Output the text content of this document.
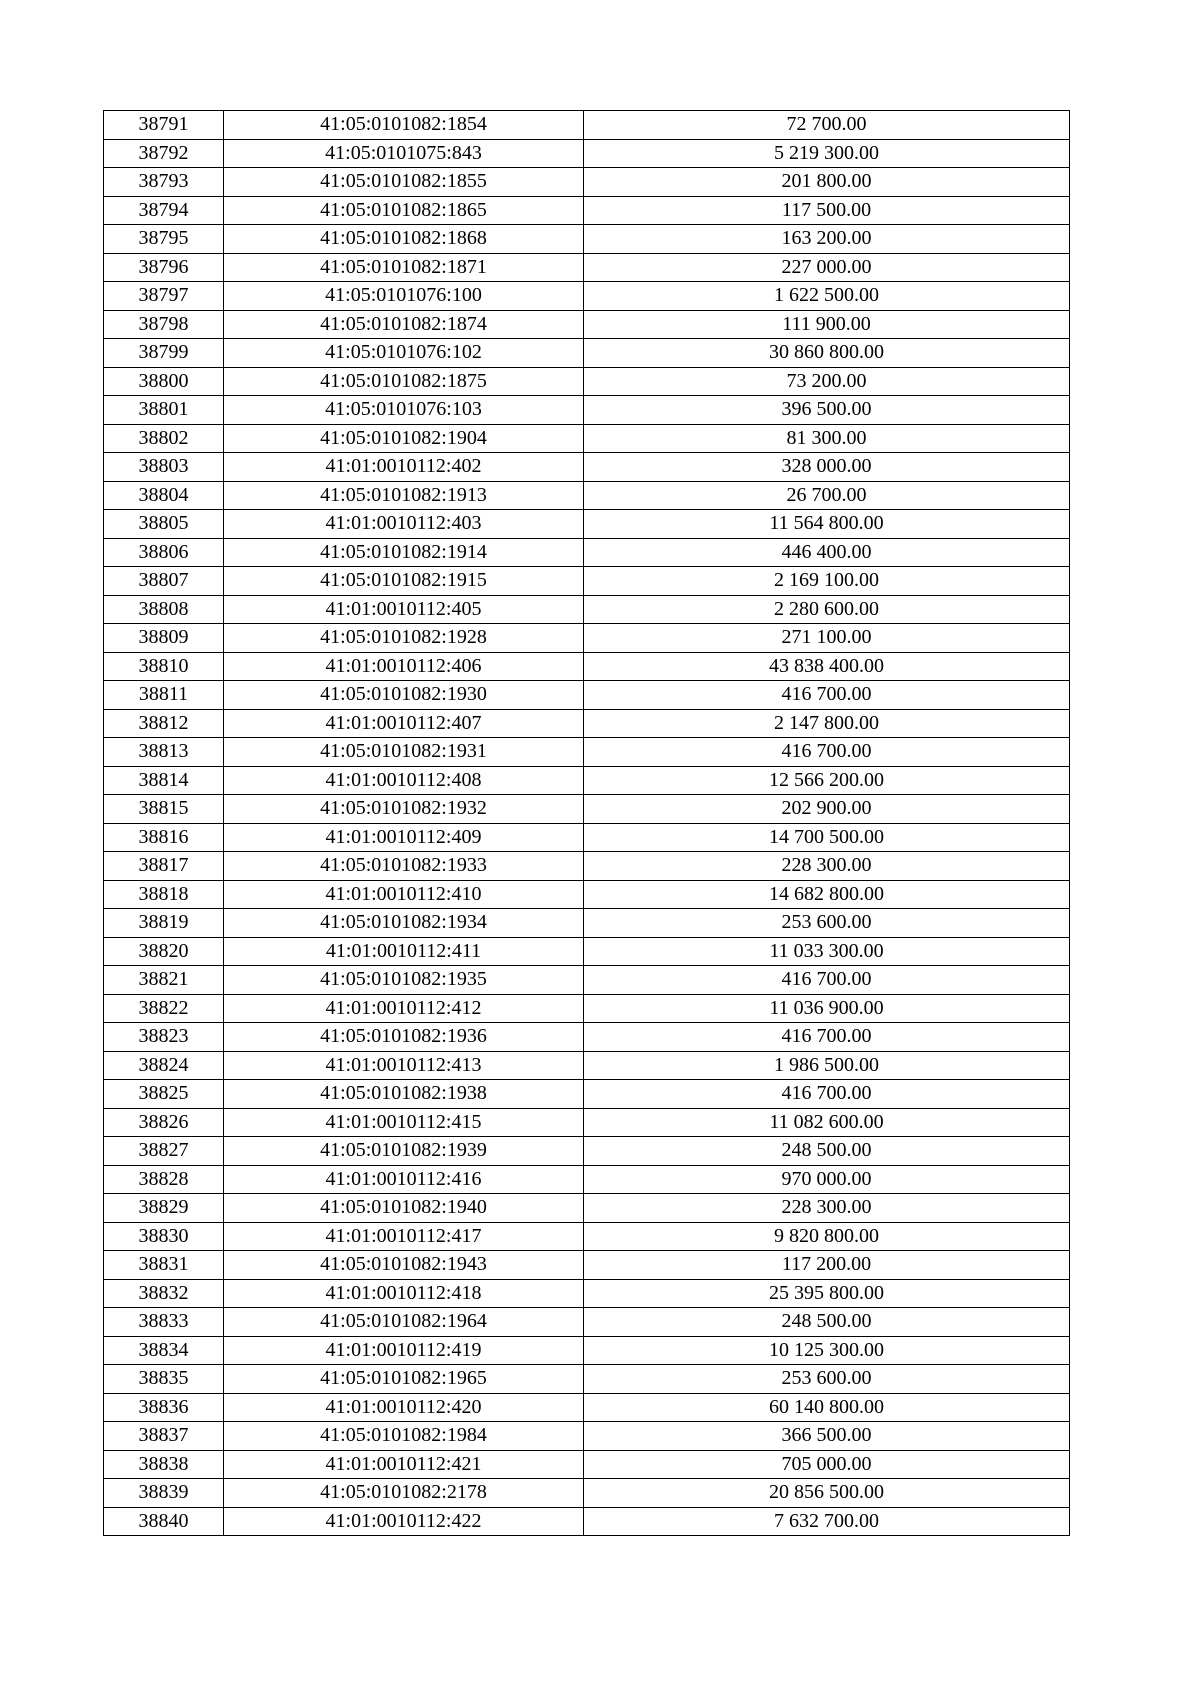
38791	41:05:0101082:1854	72 700.00
38792	41:05:0101075:843	5 219 300.00
38793	41:05:0101082:1855	201 800.00
38794	41:05:0101082:1865	117 500.00
38795	41:05:0101082:1868	163 200.00
38796	41:05:0101082:1871	227 000.00
38797	41:05:0101076:100	1 622 500.00
38798	41:05:0101082:1874	111 900.00
38799	41:05:0101076:102	30 860 800.00
38800	41:05:0101082:1875	73 200.00
38801	41:05:0101076:103	396 500.00
38802	41:05:0101082:1904	81 300.00
38803	41:01:0010112:402	328 000.00
38804	41:05:0101082:1913	26 700.00
38805	41:01:0010112:403	11 564 800.00
38806	41:05:0101082:1914	446 400.00
38807	41:05:0101082:1915	2 169 100.00
38808	41:01:0010112:405	2 280 600.00
38809	41:05:0101082:1928	271 100.00
38810	41:01:0010112:406	43 838 400.00
38811	41:05:0101082:1930	416 700.00
38812	41:01:0010112:407	2 147 800.00
38813	41:05:0101082:1931	416 700.00
38814	41:01:0010112:408	12 566 200.00
38815	41:05:0101082:1932	202 900.00
38816	41:01:0010112:409	14 700 500.00
38817	41:05:0101082:1933	228 300.00
38818	41:01:0010112:410	14 682 800.00
38819	41:05:0101082:1934	253 600.00
38820	41:01:0010112:411	11 033 300.00
38821	41:05:0101082:1935	416 700.00
38822	41:01:0010112:412	11 036 900.00
38823	41:05:0101082:1936	416 700.00
38824	41:01:0010112:413	1 986 500.00
38825	41:05:0101082:1938	416 700.00
38826	41:01:0010112:415	11 082 600.00
38827	41:05:0101082:1939	248 500.00
38828	41:01:0010112:416	970 000.00
38829	41:05:0101082:1940	228 300.00
38830	41:01:0010112:417	9 820 800.00
38831	41:05:0101082:1943	117 200.00
38832	41:01:0010112:418	25 395 800.00
38833	41:05:0101082:1964	248 500.00
38834	41:01:0010112:419	10 125 300.00
38835	41:05:0101082:1965	253 600.00
38836	41:01:0010112:420	60 140 800.00
38837	41:05:0101082:1984	366 500.00
38838	41:01:0010112:421	705 000.00
38839	41:05:0101082:2178	20 856 500.00
38840	41:01:0010112:422	7 632 700.00
